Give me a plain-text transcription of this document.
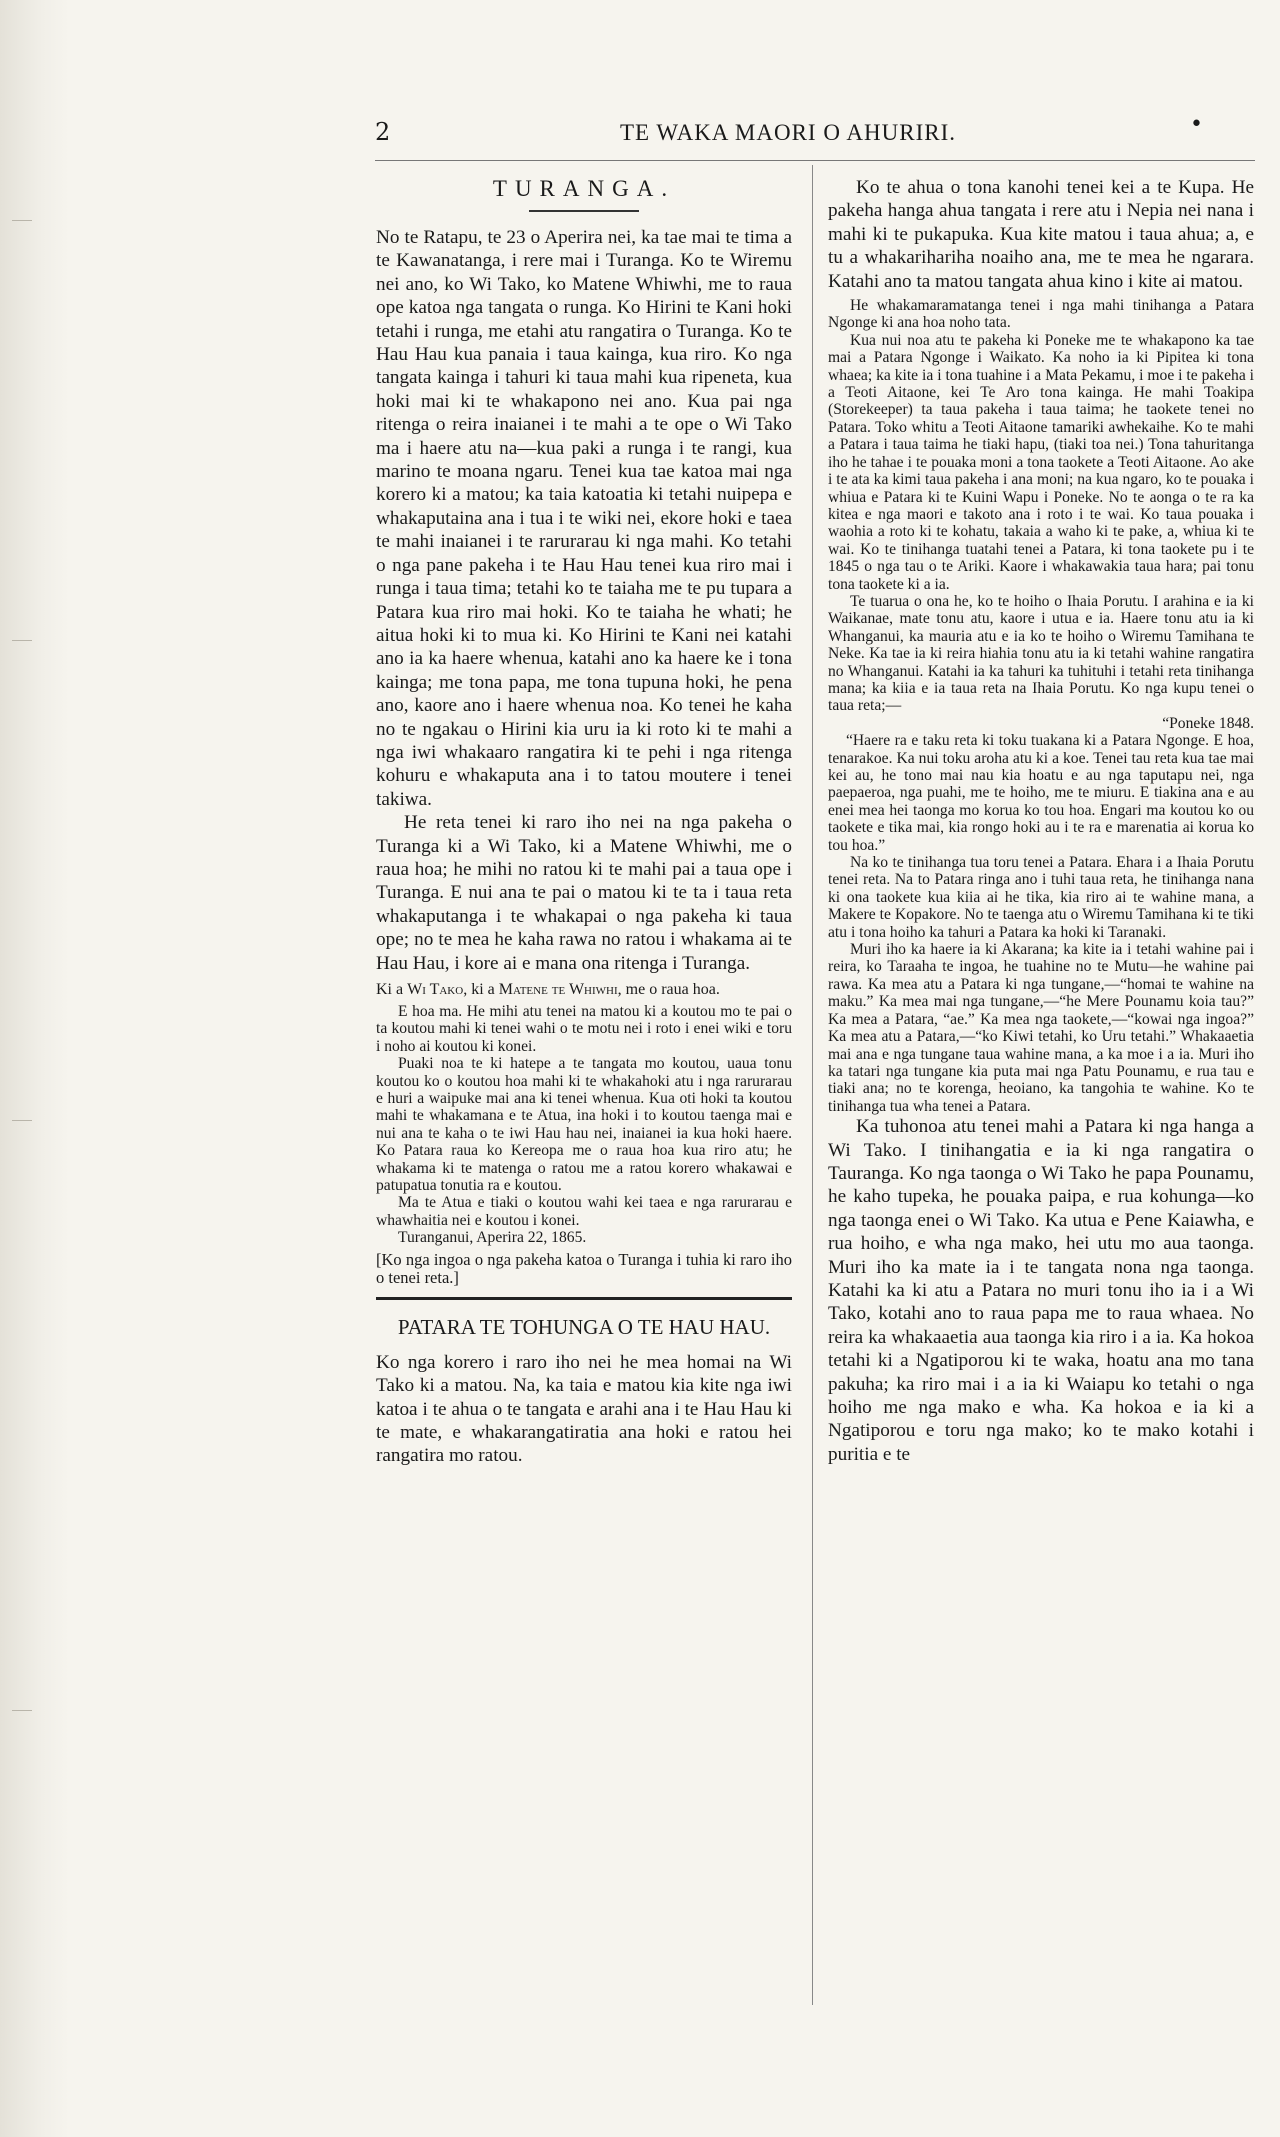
2	TE WAKA MAORI O AHURIRI.	•
TURANGA.

No te Ratapu, te 23 o Aperira nei, ka tae mai te tima a te Kawanatanga, i rere mai i Turanga. Ko te Wiremu nei ano, ko Wi Tako, ko Matene Whiwhi, me to raua ope katoa nga tangata o runga. Ko Hirini te Kani hoki tetahi i runga, me etahi atu rangatira o Turanga. Ko te Hau Hau kua panaia i taua kainga, kua riro. Ko nga tangata kainga i tahuri ki taua mahi kua ripeneta, kua hoki mai ki te whakapono nei ano. Kua pai nga ritenga o reira inaianei i te mahi a te ope o Wi Tako ma i haere atu na—kua paki a runga i te rangi, kua marino te moana ngaru. Tenei kua tae katoa mai nga korero ki a matou; ka taia katoatia ki tetahi nuipepa e whakaputaina ana i tua i te wiki nei, ekore hoki e taea te mahi inaianei i te rarurarau ki nga mahi. Ko tetahi o nga pane pakeha i te Hau Hau tenei kua riro mai i runga i taua tima; tetahi ko te taiaha me te pu tupara a Patara kua riro mai hoki. Ko te taiaha he whati; he aitua hoki ki to mua ki. Ko Hirini te Kani nei katahi ano ia ka haere whenua, katahi ano ka haere ke i tona kainga; me tona papa, me tona tupuna hoki, he pena ano, kaore ano i haere whenua noa. Ko tenei he kaha no te ngakau o Hirini kia uru ia ki roto ki te mahi a nga iwi whakaaro rangatira ki te pehi i nga ritenga kohuru e whakaputa ana i to tatou moutere i tenei takiwa.

He reta tenei ki raro iho nei na nga pakeha o Turanga ki a Wi Tako, ki a Matene Whiwhi, me o raua hoa; he mihi no ratou ki te mahi pai a taua ope i Turanga. E nui ana te pai o matou ki te ta i taua reta whakaputanga i te whakapai o nga pakeha ki taua ope; no te mea he kaha rawa no ratou i whakama ai te Hau Hau, i kore ai e mana ona ritenga i Turanga.

Ki a Wi Tako, ki a Matene te Whiwhi, me o raua hoa.

E hoa ma. He mihi atu tenei na matou ki a koutou mo te pai o ta koutou mahi ki tenei wahi o te motu nei i roto i enei wiki e toru i noho ai koutou ki konei.

Puaki noa te ki hatepe a te tangata mo koutou, uaua tonu koutou ko o koutou hoa mahi ki te whakahoki atu i nga rarurarau e huri a waipuke mai ana ki tenei whenua. Kua oti hoki ta koutou mahi te whakamana e te Atua, ina hoki i to koutou taenga mai e nui ana te kaha o te iwi Hau hau nei, inaianei ia kua hoki haere. Ko Patara raua ko Kereopa me o raua hoa kua riro atu; he whakama ki te matenga o ratou me a ratou korero whakawai e patupatua tonutia ra e koutou.

Ma te Atua e tiaki o koutou wahi kei taea e nga rarurarau e whawhaitia nei e koutou i konei.

Turanganui, Aperira 22, 1865.

[Ko nga ingoa o nga pakeha katoa o Turanga i tuhia ki raro iho o tenei reta.]

PATARA TE TOHUNGA O TE HAU HAU.

Ko nga korero i raro iho nei he mea homai na Wi Tako ki a matou. Na, ka taia e matou kia kite nga iwi katoa i te ahua o te tangata e arahi ana i te Hau Hau ki te mate, e whakarangatiratia ana hoki e ratou hei rangatira mo ratou.

Ko te ahua o tona kanohi tenei kei a te Kupa. He pakeha hanga ahua tangata i rere atu i Nepia nei nana i mahi ki te pukapuka. Kua kite matou i taua ahua; a, e tu a whakarihariha noaiho ana, me te mea he ngarara. Katahi ano ta matou tangata ahua kino i kite ai matou.

He whakamaramatanga tenei i nga mahi tinihanga a Patara Ngonge ki ana hoa noho tata.

Kua nui noa atu te pakeha ki Poneke me te whakapono ka tae mai a Patara Ngonge i Waikato. Ka noho ia ki Pipitea ki tona whaea; ka kite ia i tona tuahine i a Mata Pekamu, i moe i te pakeha i a Teoti Aitaone, kei Te Aro tona kainga. He mahi Toakipa (Storekeeper) ta taua pakeha i taua taima; he taokete tenei no Patara. Toko whitu a Teoti Aitaone tamariki awhekaihe. Ko te mahi a Patara i taua taima he tiaki hapu, (tiaki toa nei.) Tona tahuritanga iho he tahae i te pouaka moni a tona taokete a Teoti Aitaone. Ao ake i te ata ka kimi taua pakeha i ana moni; na kua ngaro, ko te pouaka i whiua e Patara ki te Kuini Wapu i Poneke. No te aonga o te ra ka kitea e nga maori e takoto ana i roto i te wai. Ko taua pouaka i waohia a roto ki te kohatu, takaia a waho ki te pake, a, whiua ki te wai. Ko te tinihanga tuatahi tenei a Patara, ki tona taokete pu i te 1845 o nga tau o te Ariki. Kaore i whakawakia taua hara; pai tonu tona taokete ki a ia.

Te tuarua o ona he, ko te hoiho o Ihaia Porutu. I arahina e ia ki Waikanae, mate tonu atu, kaore i utua e ia. Haere tonu atu ia ki Whanganui, ka mauria atu e ia ko te hoiho o Wiremu Tamihana te Neke. Ka tae ia ki reira hiahia tonu atu ia ki tetahi wahine rangatira no Whanganui. Katahi ia ka tahuri ka tuhituhi i tetahi reta tinihanga mana; ka kiia e ia taua reta na Ihaia Porutu. Ko nga kupu tenei o taua reta;—

“Poneke 1848.

“Haere ra e taku reta ki toku tuakana ki a Patara Ngonge. E hoa, tenarakoe. Ka nui toku aroha atu ki a koe. Tenei tau reta kua tae mai kei au, he tono mai nau kia hoatu e au nga taputapu nei, nga paepaeroa, nga puahi, me te hoiho, me te miuru. E tiakina ana e au enei mea hei taonga mo korua ko tou hoa. Engari ma koutou ko ou taokete e tika mai, kia rongo hoki au i te ra e marenatia ai korua ko tou hoa.”

Na ko te tinihanga tua toru tenei a Patara. Ehara i a Ihaia Porutu tenei reta. Na to Patara ringa ano i tuhi taua reta, he tinihanga nana ki ona taokete kua kiia ai he tika, kia riro ai te wahine mana, a Makere te Kopakore. No te taenga atu o Wiremu Tamihana ki te tiki atu i tona hoiho ka tahuri a Patara ka hoki ki Taranaki.

Muri iho ka haere ia ki Akarana; ka kite ia i tetahi wahine pai i reira, ko Taraaha te ingoa, he tuahine no te Mutu—he wahine pai rawa. Ka mea atu a Patara ki nga tungane,—“homai te wahine na maku.” Ka mea mai nga tungane,—“he Mere Pounamu koia tau?” Ka mea a Patara, “ae.” Ka mea nga taokete,—“kowai nga ingoa?” Ka mea atu a Patara,—“ko Kiwi tetahi, ko Uru tetahi.” Whakaaetia mai ana e nga tungane taua wahine mana, a ka moe i a ia. Muri iho ka tatari nga tungane kia puta mai nga Patu Pounamu, e rua tau e tiaki ana; no te korenga, heoiano, ka tangohia te wahine. Ko te tinihanga tua wha tenei a Patara.

Ka tuhonoa atu tenei mahi a Patara ki nga hanga a Wi Tako. I tinihangatia e ia ki nga rangatira o Tauranga. Ko nga taonga o Wi Tako he papa Pounamu, he kaho tupeka, he pouaka paipa, e rua kohunga—ko nga taonga enei o Wi Tako. Ka utua e Pene Kaiawha, e rua hoiho, e wha nga mako, hei utu mo aua taonga. Muri iho ka mate ia i te tangata nona nga taonga. Katahi ka ki atu a Patara no muri tonu iho ia i a Wi Tako, kotahi ano to raua papa me to raua whaea. No reira ka whakaaetia aua taonga kia riro i a ia. Ka hokoa tetahi ki a Ngatiporou ki te waka, hoatu ana mo tana pakuha; ka riro mai i a ia ki Waiapu ko tetahi o nga hoiho me nga mako e wha. Ka hokoa e ia ki a Ngatiporou e toru nga mako; ko te mako kotahi i puritia e te
